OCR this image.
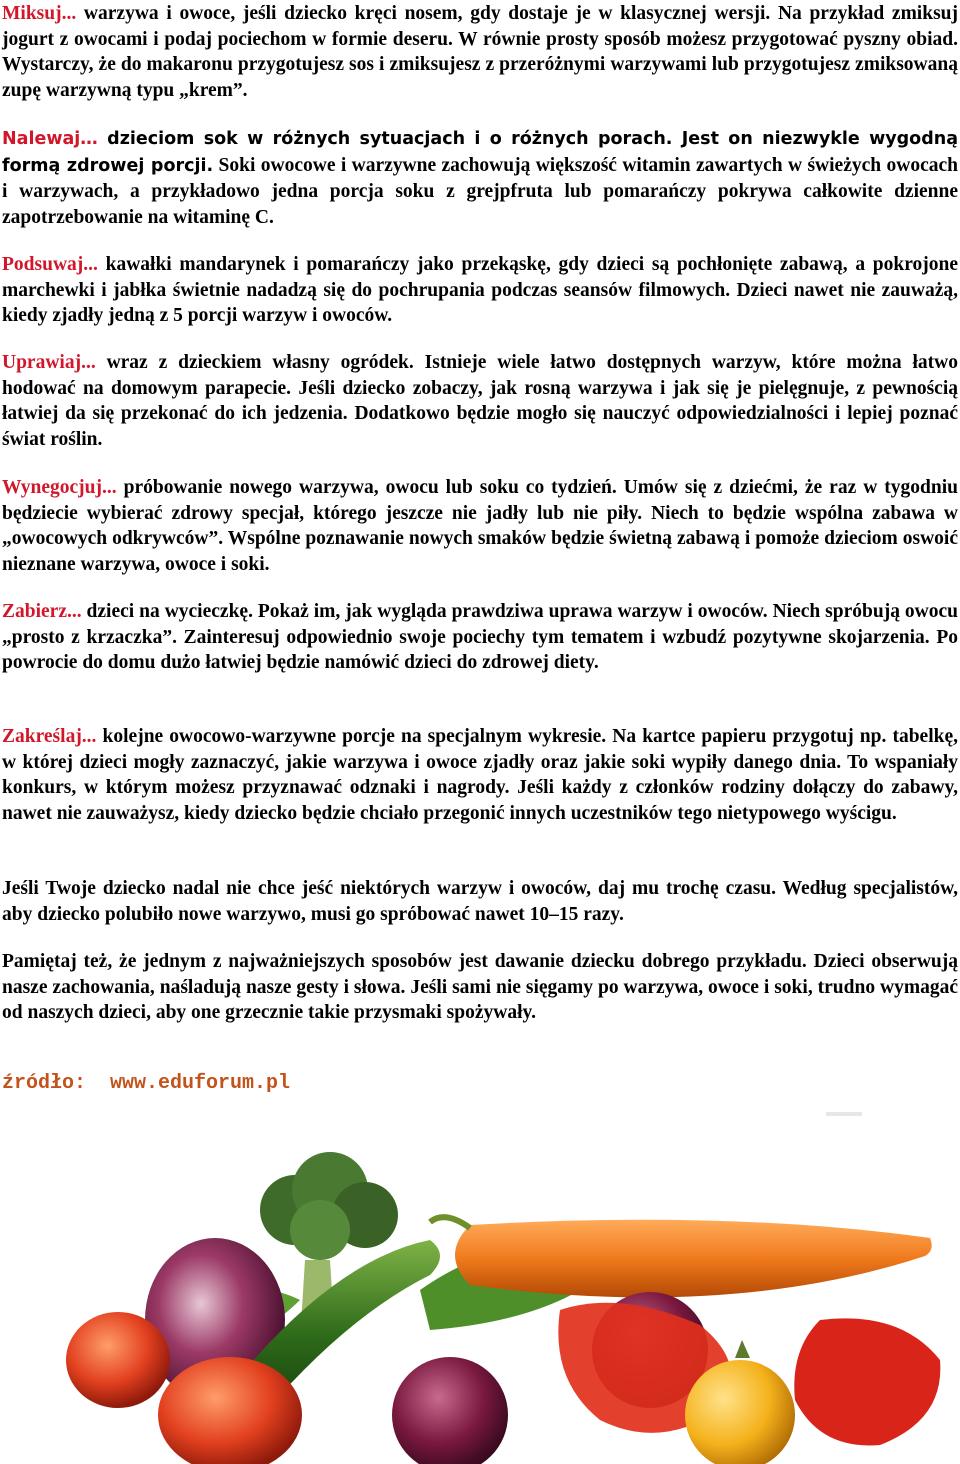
Miksuj... warzywa i owoce, jeśli dziecko kręci nosem, gdy dostaje je w klasycznej wersji. Na przykład zmiksuj jogurt z owocami i podaj pociechom w formie deseru. W równie prosty sposób możesz przygotować pyszny obiad. Wystarczy, że do makaronu przygotujesz sos i zmiksujesz z przeróżnymi warzywami lub przygotujesz zmiksowaną zupę warzywną typu „krem”.

Nalewaj… dzieciom sok w różnych sytuacjach i o różnych porach. Jest on niezwykle wygodną formą zdrowej porcji. Soki owocowe i warzywne zachowują większość witamin zawartych w świeżych owocach i warzywach, a przykładowo jedna porcja soku z grejpfruta lub pomarańczy pokrywa całkowite dzienne zapotrzebowanie na witaminę C.

Podsuwaj... kawałki mandarynek i pomarańczy jako przekąskę, gdy dzieci są pochłonięte zabawą, a pokrojone marchewki i jabłka świetnie nadadzą się do pochrupania podczas seansów filmowych. Dzieci nawet nie zauważą, kiedy zjadły jedną z 5 porcji warzyw i owoców.

Uprawiaj... wraz z dzieckiem własny ogródek. Istnieje wiele łatwo dostępnych warzyw, które można łatwo hodować na domowym parapecie. Jeśli dziecko zobaczy, jak rosną warzywa i jak się je pielęgnuje, z pewnością łatwiej da się przekonać do ich jedzenia. Dodatkowo będzie mogło się nauczyć odpowiedzialności i lepiej poznać świat roślin.

Wynegocjuj... próbowanie nowego warzywa, owocu lub soku co tydzień. Umów się z dziećmi, że raz w tygodniu będziecie wybierać zdrowy specjał, którego jeszcze nie jadły lub nie piły. Niech to będzie wspólna zabawa w „owocowych odkrywców”. Wspólne poznawanie nowych smaków będzie świetną zabawą i pomoże dzieciom oswoić nieznane warzywa, owoce i soki.

Zabierz... dzieci na wycieczkę. Pokaż im, jak wygląda prawdziwa uprawa warzyw i owoców. Niech spróbują owocu „prosto z krzaczka”. Zainteresuj odpowiednio swoje pociechy tym tematem i wzbudź pozytywne skojarzenia. Po powrocie do domu dużo łatwiej będzie namówić dzieci do zdrowej diety.

Zakreślaj... kolejne owocowo-warzywne porcje na specjalnym wykresie. Na kartce papieru przygotuj np. tabelkę, w której dzieci mogły zaznaczyć, jakie warzywa i owoce zjadły oraz jakie soki wypiły danego dnia. To wspaniały konkurs, w którym możesz przyznawać odznaki i nagrody. Jeśli każdy z członków rodziny dołączy do zabawy, nawet nie zauważysz, kiedy dziecko będzie chciało przegonić innych uczestników tego nietypowego wyścigu.

Jeśli Twoje dziecko nadal nie chce jeść niektórych warzyw i owoców, daj mu trochę czasu. Według specjalistów, aby dziecko polubiło nowe warzywo, musi go spróbować nawet 10–15 razy.

Pamiętaj też, że jednym z najważniejszych sposobów jest dawanie dziecku dobrego przykładu. Dzieci obserwują nasze zachowania, naśladują nasze gesty i słowa. Jeśli sami nie sięgamy po warzywa, owoce i soki, trudno wymagać od naszych dzieci, aby one grzecznie takie przysmaki spożywały.

źródło: www.eduforum.pl
